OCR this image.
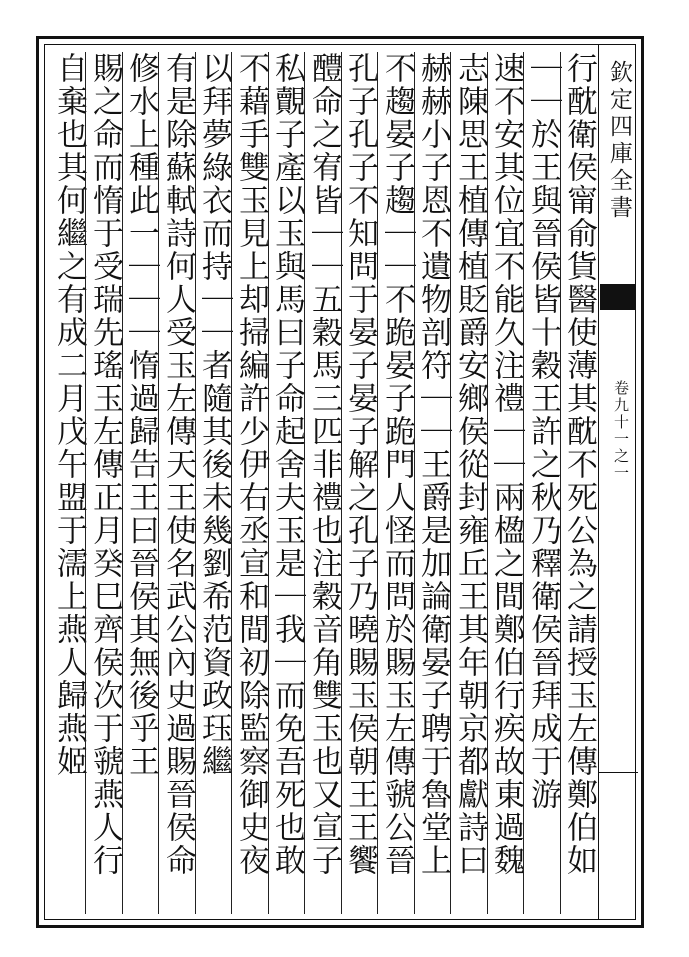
欽定四庫全書
卷九十一之一
行酖衛侯甯俞貨醫使薄其酖不死公為之請授玉左傳鄭伯如
｜｜於王與晉侯皆十穀王許之秋乃釋衛侯晉拜成于游
速不安其位宜不能久注禮｜｜兩楹之間鄭伯行疾故東過魏
志陳思王植傳植貶爵安鄉侯從封雍丘王其年朝京都獻詩曰
赫赫小子恩不遺物剖符｜｜王爵是加論衛晏子聘于魯堂上
不趨晏子趨｜｜不跪晏子跪門人怪而問於賜玉左傳虢公晉
孔子孔子不知問于晏子晏子解之孔子乃曉賜玉侯朝王王饗
醴命之宥皆｜｜五穀馬三匹非禮也注穀音角雙玉也又宣子
私覿子產以玉與馬曰子命起舍夫玉是｜我｜而免吾死也敢
不藉手雙玉見上却掃編許少伊右丞宣和間初除監察御史夜
以拜夢綠衣而持｜｜者隨其後未幾劉希范資政珏繼
有是除蘇軾詩何人受玉左傳天王使名武公內史過賜晉侯命
修水上種此一｜｜｜惰過歸告王曰晉侯其無後乎王
賜之命而惰于受瑞先瑤玉左傳正月癸巳齊侯次于虢燕人行
自棄也其何繼之有成二月戊午盟于濡上燕人歸燕姬
